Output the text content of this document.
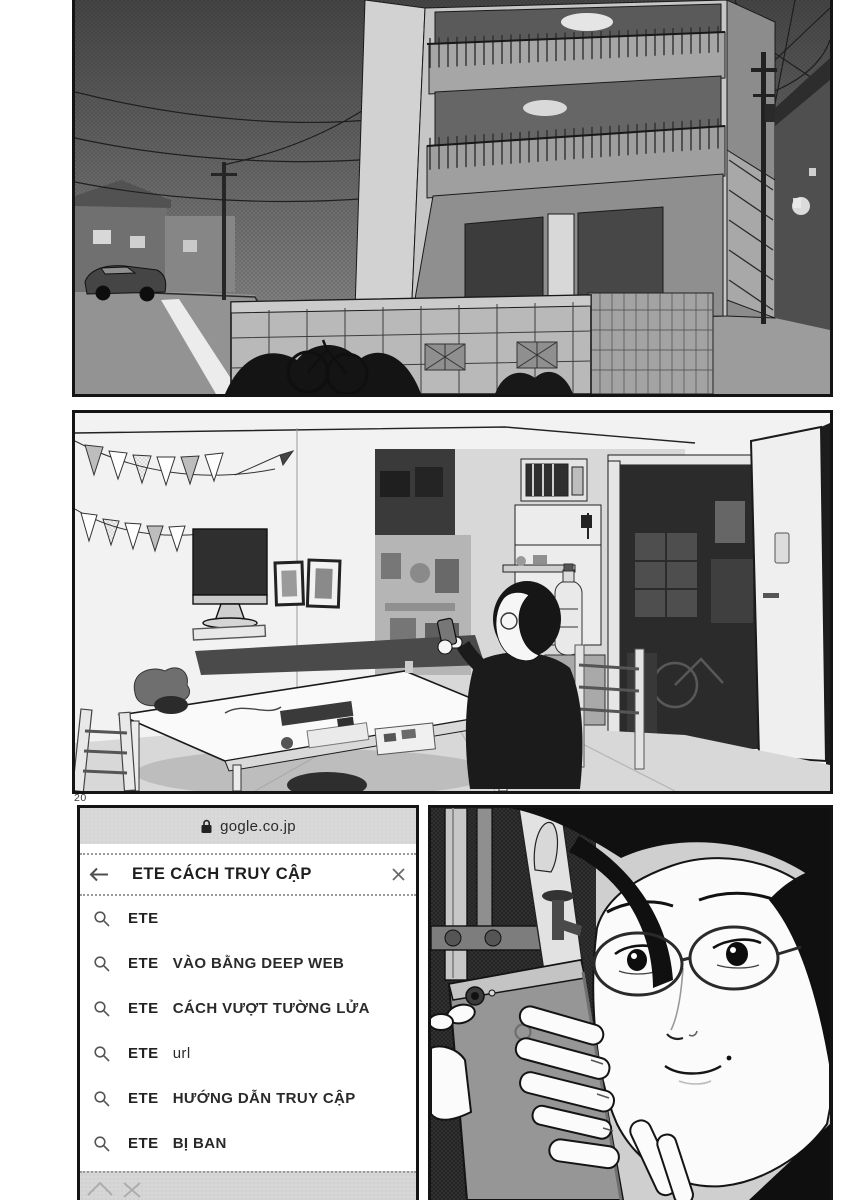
20
gogle.co.jp
ETE CÁCH TRUY CẬP
ETE
ETE VÀO BẰNG DEEP WEB
ETE CÁCH VƯỢT TƯỜNG LỬA
ETE url
ETE HƯỚNG DẪN TRUY CẬP
ETE BỊ BAN
